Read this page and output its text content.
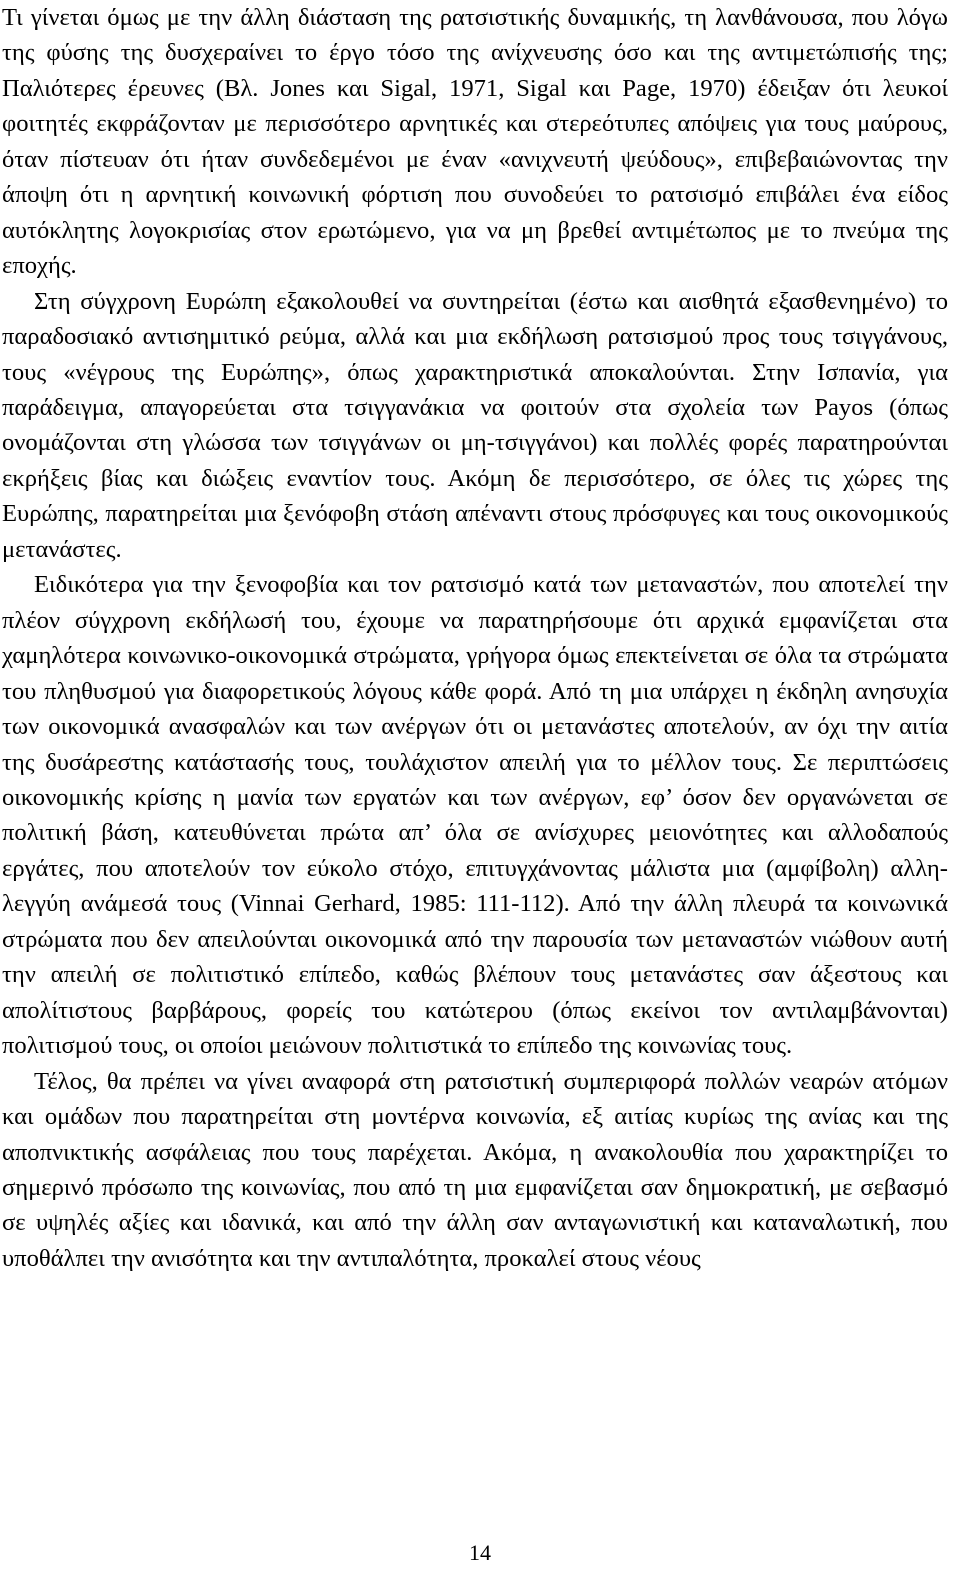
Τι γίνεται όμως με την άλλη διάσταση της ρατσιστικής δυναμικής, τη λανθάνουσα, που λόγω της φύσης της δυσχεραίνει το έργο τόσο της ανίχνευσης όσο και της αντιμετώπισής της; Παλιότερες έρευνες (Βλ. Jones και Sigal, 1971, Sigal και Page, 1970) έδειξαν ότι λευκοί φοιτητές εκφράζονταν με περισσότερο αρνητικές και στερεότυπες απόψεις για τους μαύρους, όταν πίστευαν ότι ήταν συνδεδεμένοι με έναν «ανιχνευτή ψεύδους», επιβεβαιώνοντας την άποψη ότι η αρνητική κοινωνική φόρτιση που συνοδεύει το ρατσισμό επιβάλει ένα είδος αυτόκλητης λογοκρισίας στον ερωτώμενο, για να μη βρεθεί αντιμέτωπος με το πνεύμα της εποχής.

Στη σύγχρονη Ευρώπη εξακολουθεί να συντηρείται (έστω και αισθητά εξασθενημένο) το παραδοσιακό αντισημιτικό ρεύμα, αλλά και μια εκδήλωση ρατσισμού προς τους τσιγγάνους, τους «νέγρους της Ευρώπης», όπως χαρακτηριστικά αποκαλούνται. Στην Ισπανία, για παράδειγμα, απαγορεύεται στα τσιγγανάκια να φοιτούν στα σχολεία των Payos (όπως ονομάζονται στη γλώσσα των τσιγγάνων οι μη-τσιγγάνοι) και πολλές φορές παρατηρούνται εκρήξεις βίας και διώξεις εναντίον τους. Ακόμη δε περισσότερο, σε όλες τις χώρες της Ευρώπης, παρατηρείται μια ξενόφοβη στάση απέναντι στους πρόσφυγες και τους οικονομικούς μετανάστες.

Ειδικότερα για την ξενοφοβία και τον ρατσισμό κατά των μεταναστών, που αποτελεί την πλέον σύγχρονη εκδήλωσή του, έχουμε να παρατηρήσουμε ότι αρχικά εμφανίζεται στα χαμηλότερα κοινωνικο-οικονομικά στρώματα, γρήγορα όμως επεκτείνεται σε όλα τα στρώματα του πληθυσμού για διαφορετικούς λόγους κάθε φορά. Από τη μια υπάρχει η έκδηλη ανησυχία των οικονομικά ανασφαλών και των ανέργων ότι οι μετανάστες αποτελούν, αν όχι την αιτία της δυσάρεστης κατάστασής τους, τουλάχιστον απειλή για το μέλλον τους. Σε περιπτώσεις οικονομικής κρίσης η μανία των εργατών και των ανέργων, εφ’ όσον δεν οργανώνεται σε πολιτική βάση, κατευθύνεται πρώτα απ’ όλα σε ανίσχυρες μειονότητες και αλλοδαπούς εργάτες, που αποτελούν τον εύκολο στόχο, επιτυγχάνοντας μάλιστα μια (αμφίβολη) αλληλεγγύη ανάμεσά τους (Vinnai Gerhard, 1985: 111-112). Από την άλλη πλευρά τα κοινωνικά στρώματα που δεν απειλούνται οικονομικά από την παρουσία των μεταναστών νιώθουν αυτή την απειλή σε πολιτιστικό επίπεδο, καθώς βλέπουν τους μετανάστες σαν άξεστους και απολίτιστους βαρβάρους, φορείς του κατώτερου (όπως εκείνοι τον αντιλαμβάνονται) πολιτισμού τους, οι οποίοι μειώνουν πολιτιστικά το επίπεδο της κοινωνίας τους.

Τέλος, θα πρέπει να γίνει αναφορά στη ρατσιστική συμπεριφορά πολλών νεαρών ατόμων και ομάδων που παρατηρείται στη μοντέρνα κοινωνία, εξ αιτίας κυρίως της ανίας και της αποπνικτικής ασφάλειας που τους παρέχεται. Ακόμα, η ανακολουθία που χαρακτηρίζει το σημερινό πρόσωπο της κοινωνίας, που από τη μια εμφανίζεται σαν δημοκρατική, με σεβασμό σε υψηλές αξίες και ιδανικά, και από την άλλη σαν ανταγωνιστική και καταναλωτική, που υποθάλπει την ανισότητα και την αντιπαλότητα, προκαλεί στους νέους

14
